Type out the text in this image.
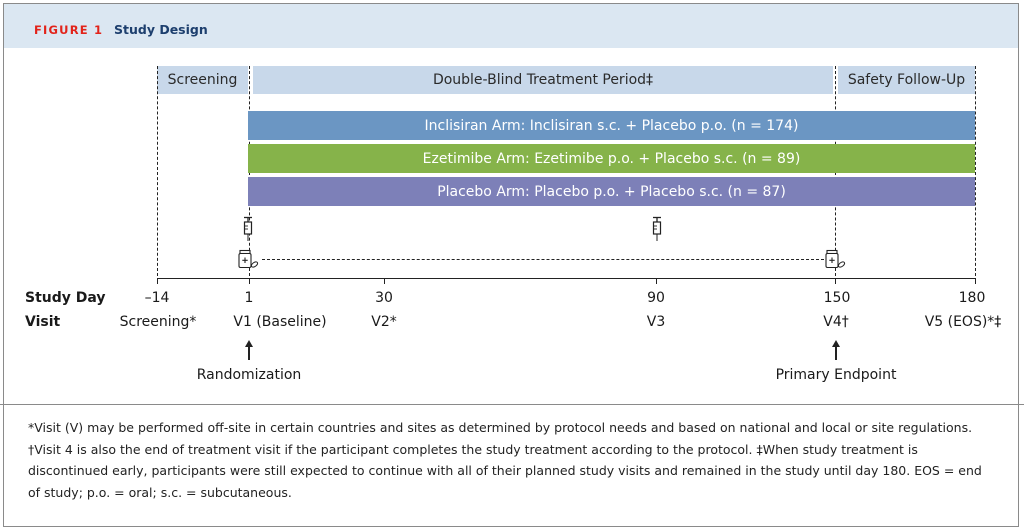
FIGURE 1 Study Design
Screening	Double-Blind Treatment Period‡	Safety Follow-Up
Inclisiran Arm: Inclisiran s.c. + Placebo p.o. (n = 174)
Ezetimibe Arm: Ezetimibe p.o. + Placebo s.c. (n = 89)
Placebo Arm: Placebo p.o. + Placebo s.c. (n = 87)
Study Day
Visit
–14	1	30	90	150	180
Screening*	V1 (Baseline)	V2*	V3	V4†	V5 (EOS)*‡
Randomization	Primary Endpoint
*Visit (V) may be performed off-site in certain countries and sites as determined by protocol needs and based on national and local or site regulations. †Visit 4 is also the end of treatment visit if the participant completes the study treatment according to the protocol. ‡When study treatment is discontinued early, participants were still expected to continue with all of their planned study visits and remained in the study until day 180. EOS = end of study; p.o. = oral; s.c. = subcutaneous.
